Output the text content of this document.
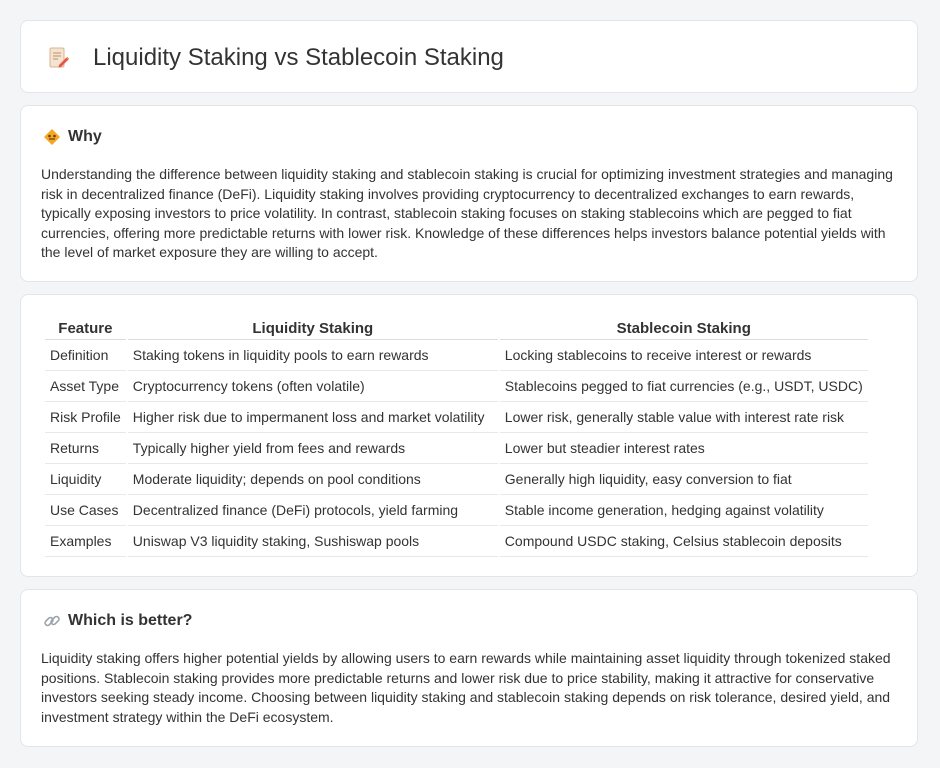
Liquidity Staking vs Stablecoin Staking
Why

Understanding the difference between liquidity staking and stablecoin staking is crucial for optimizing investment strategies and managing risk in decentralized finance (DeFi). Liquidity staking involves providing cryptocurrency to decentralized exchanges to earn rewards, typically exposing investors to price volatility. In contrast, stablecoin staking focuses on staking stablecoins which are pegged to fiat currencies, offering more predictable returns with lower risk. Knowledge of these differences helps investors balance potential yields with the level of market exposure they are willing to accept.

Feature	Liquidity Staking	Stablecoin Staking
Definition	Staking tokens in liquidity pools to earn rewards	Locking stablecoins to receive interest or rewards
Asset Type	Cryptocurrency tokens (often volatile)	Stablecoins pegged to fiat currencies (e.g., USDT, USDC)
Risk Profile	Higher risk due to impermanent loss and market volatility	Lower risk, generally stable value with interest rate risk
Returns	Typically higher yield from fees and rewards	Lower but steadier interest rates
Liquidity	Moderate liquidity; depends on pool conditions	Generally high liquidity, easy conversion to fiat
Use Cases	Decentralized finance (DeFi) protocols, yield farming	Stable income generation, hedging against volatility
Examples	Uniswap V3 liquidity staking, Sushiswap pools	Compound USDC staking, Celsius stablecoin deposits
Which is better?

Liquidity staking offers higher potential yields by allowing users to earn rewards while maintaining asset liquidity through tokenized staked positions. Stablecoin staking provides more predictable returns and lower risk due to price stability, making it attractive for conservative investors seeking steady income. Choosing between liquidity staking and stablecoin staking depends on risk tolerance, desired yield, and investment strategy within the DeFi ecosystem.
